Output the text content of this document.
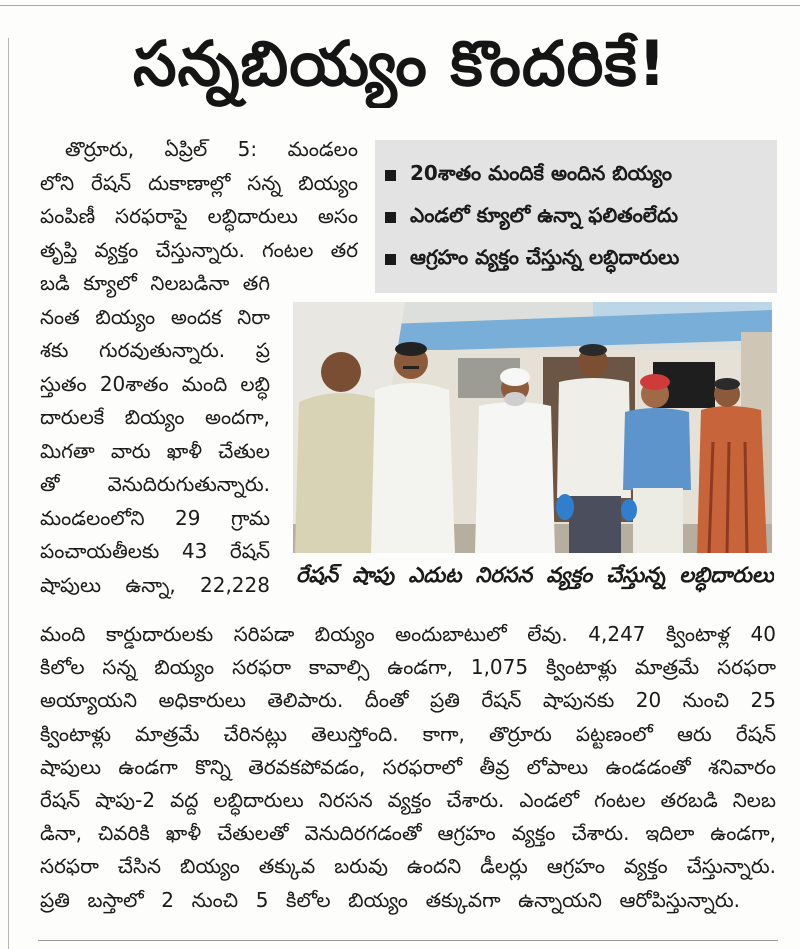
సన్నబియ్యం కొందరికే!
తొర్రూరు, ఏప్రిల్ 5: మండలం
లోని రేషన్ దుకాణాల్లో సన్న బియ్యం
పంపిణీ సరఫరాపై లబ్ధిదారులు అసం
తృప్తి వ్యక్తం చేస్తున్నారు. గంటల తర
బడి క్యూలో నిలబడినా తగి
నంత బియ్యం అందక నిరా
శకు గురవుతున్నారు. ప్ర
స్తుతం 20శాతం మంది లబ్ధి
దారులకే బియ్యం అందగా,
మిగతా వారు ఖాళీ చేతుల
తో వెనుదిరుగుతున్నారు.
మండలంలోని 29 గ్రామ
పంచాయతీలకు 43 రేషన్
షాపులు ఉన్నా, 22,228
20శాతం మందికే అందిన బియ్యం
ఎండలో క్యూలో ఉన్నా ఫలితంలేదు
ఆగ్రహం వ్యక్తం చేస్తున్న లబ్ధిదారులు
రేషన్ షాపు ఎదుట నిరసన వ్యక్తం చేస్తున్న లబ్ధిదారులు
మంది కార్డుదారులకు సరిపడా బియ్యం అందుబాటులో లేవు. 4,247 క్వింటాళ్ల 40
కిలోల సన్న బియ్యం సరఫరా కావాల్సి ఉండగా, 1,075 క్వింటాళ్లు మాత్రమే సరఫరా
అయ్యాయని అధికారులు తెలిపారు. దీంతో ప్రతి రేషన్ షాపునకు 20 నుంచి 25
క్వింటాళ్లు మాత్రమే చేరినట్లు తెలుస్తోంది. కాగా, తొర్రూరు పట్టణంలో ఆరు రేషన్
షాపులు ఉండగా కొన్ని తెరవకపోవడం, సరఫరాలో తీవ్ర లోపాలు ఉండడంతో శనివారం
రేషన్ షాపు-2 వద్ద లబ్ధిదారులు నిరసన వ్యక్తం చేశారు. ఎండలో గంటల తరబడి నిలబ
డినా, చివరికి ఖాళీ చేతులతో వెనుదిరగడంతో ఆగ్రహం వ్యక్తం చేశారు. ఇదిలా ఉండగా,
సరఫరా చేసిన బియ్యం తక్కువ బరువు ఉందని డీలర్లు ఆగ్రహం వ్యక్తం చేస్తున్నారు.
ప్రతి బస్తాలో 2 నుంచి 5 కిలోల బియ్యం తక్కువగా ఉన్నాయని ఆరోపిస్తున్నారు.
